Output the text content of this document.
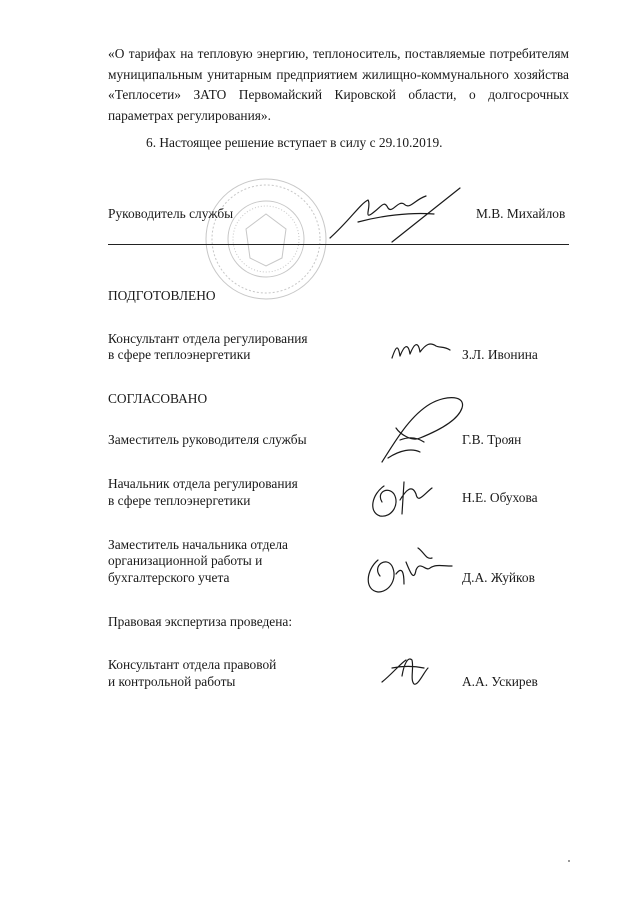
«О тарифах на тепловую энергию, теплоноситель, поставляемые потребителям муниципальным унитарным предприятием жилищно-коммунального хозяйства «Теплосети» ЗАТО Первомайский Кировской области, о долгосрочных параметрах регулирования».
6. Настоящее решение вступает в силу с 29.10.2019.
Руководитель службы	М.В. Михайлов
ПОДГОТОВЛЕНО
Консультант отдела регулирования
в сфере теплоэнергетики	З.Л. Ивонина
СОГЛАСОВАНО
Заместитель руководителя службы	Г.В. Троян
Начальник отдела регулирования
в сфере теплоэнергетики	Н.Е. Обухова
Заместитель начальника отдела
организационной работы и
бухгалтерского учета	Д.А. Жуйков
Правовая экспертиза проведена:
Консультант отдела правовой
и контрольной работы	А.А. Ускирев
